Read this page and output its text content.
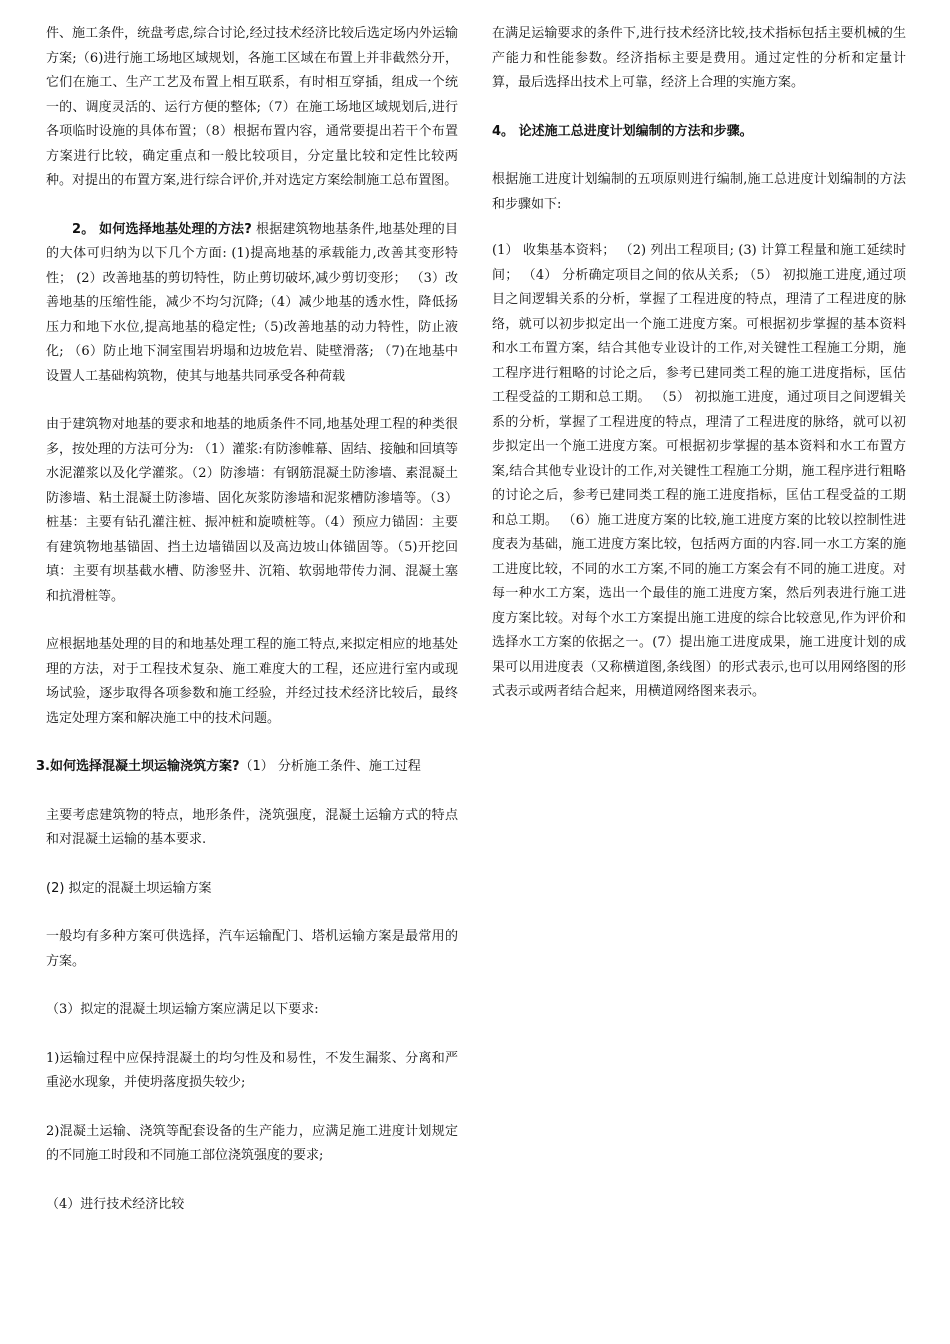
件、施工条件，统盘考虑,综合讨论,经过技术经济比较后选定场内外运输方案;（6)进行施工场地区域规划，各施工区域在布置上并非截然分开，它们在施工、生产工艺及布置上相互联系，有时相互穿插，组成一个统一的、调度灵活的、运行方便的整体;（7）在施工场地区域规划后,进行各项临时设施的具体布置；（8）根据布置内容，通常要提出若干个布置方案进行比较，确定重点和一般比较项目，分定量比较和定性比较两种。对提出的布置方案,进行综合评价,并对选定方案绘制施工总布置图。

2。 如何选择地基处理的方法? 根据建筑物地基条件,地基处理的目的大体可归纳为以下几个方面: (1)提高地基的承载能力,改善其变形特性； (2）改善地基的剪切特性，防止剪切破坏,减少剪切变形； （3）改善地基的压缩性能，减少不均匀沉降;（4）减少地基的透水性，降低扬压力和地下水位,提高地基的稳定性;（5)改善地基的动力特性，防止液化; （6）防止地下洞室围岩坍塌和边坡危岩、陡壁滑落; （7)在地基中设置人工基础构筑物，使其与地基共同承受各种荷载

由于建筑物对地基的要求和地基的地质条件不同,地基处理工程的种类很多，按处理的方法可分为: （1）灌浆:有防渗帷幕、固结、接触和回填等水泥灌浆以及化学灌浆。（2）防渗墙：有钢筋混凝土防渗墙、素混凝土防渗墙、粘土混凝土防渗墙、固化灰浆防渗墙和泥浆槽防渗墙等。（3）桩基：主要有钻孔灌注桩、振冲桩和旋喷桩等。（4）预应力锚固：主要有建筑物地基锚固、挡土边墙锚固以及高边坡山体锚固等。（5)开挖回填：主要有坝基截水槽、防渗竖井、沉箱、软弱地带传力洞、混凝土塞和抗滑桩等。

应根据地基处理的目的和地基处理工程的施工特点,来拟定相应的地基处理的方法，对于工程技术复杂、施工难度大的工程，还应进行室内或现场试验，逐步取得各项参数和施工经验，并经过技术经济比较后，最终选定处理方案和解决施工中的技术问题。

3.如何选择混凝土坝运输浇筑方案?（1） 分析施工条件、施工过程

主要考虑建筑物的特点，地形条件，浇筑强度，混凝土运输方式的特点和对混凝土运输的基本要求.

(2) 拟定的混凝土坝运输方案

一般均有多种方案可供选择，汽车运输配门、塔机运输方案是最常用的方案。

（3）拟定的混凝土坝运输方案应满足以下要求:

1)运输过程中应保持混凝土的均匀性及和易性，不发生漏浆、分离和严重泌水现象，并使坍落度损失较少;

2)混凝土运输、浇筑等配套设备的生产能力，应满足施工进度计划规定的不同施工时段和不同施工部位浇筑强度的要求;

（4）进行技术经济比较

在满足运输要求的条件下,进行技术经济比较,技术指标包括主要机械的生产能力和性能参数。经济指标主要是费用。通过定性的分析和定量计算，最后选择出技术上可靠，经济上合理的实施方案。

4。 论述施工总进度计划编制的方法和步骤。

根据施工进度计划编制的五项原则进行编制,施工总进度计划编制的方法和步骤如下:

(1） 收集基本资料； （2) 列出工程项目; (3) 计算工程量和施工延续时间； （4） 分析确定项目之间的依从关系; （5） 初拟施工进度,通过项目之间逻辑关系的分析，掌握了工程进度的特点，理清了工程进度的脉络，就可以初步拟定出一个施工进度方案。可根据初步掌握的基本资料和水工布置方案，结合其他专业设计的工作,对关键性工程施工分期，施工程序进行粗略的讨论之后，参考已建同类工程的施工进度指标，匡估工程受益的工期和总工期。 （5） 初拟施工进度，通过项目之间逻辑关系的分析，掌握了工程进度的特点，理清了工程进度的脉络，就可以初步拟定出一个施工进度方案。可根据初步掌握的基本资料和水工布置方案,结合其他专业设计的工作,对关键性工程施工分期，施工程序进行粗略的讨论之后，参考已建同类工程的施工进度指标，匡估工程受益的工期和总工期。 （6）施工进度方案的比较,施工进度方案的比较以控制性进度表为基础，施工进度方案比较，包括两方面的内容.同一水工方案的施工进度比较，不同的水工方案,不同的施工方案会有不同的施工进度。对每一种水工方案，选出一个最佳的施工进度方案，然后列表进行施工进度方案比较。对每个水工方案提出施工进度的综合比较意见,作为评价和选择水工方案的依据之一。(7）提出施工进度成果，施工进度计划的成果可以用进度表（又称横道图,条线图）的形式表示,也可以用网络图的形式表示或两者结合起来，用横道网络图来表示。
